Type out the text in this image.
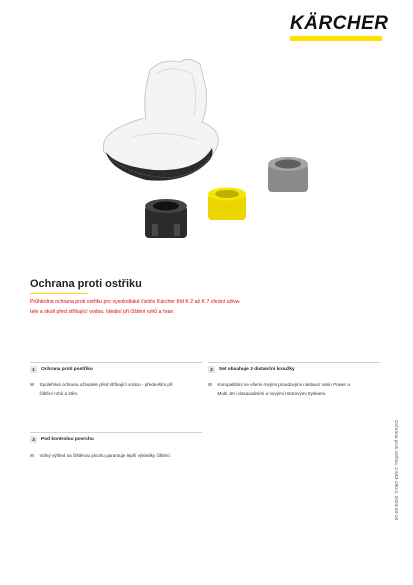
KÄRCHER
Ochrana proti ostřiku
Průhledná ochrana proti ostřiku pro vysokotlaké čističe Kärcher tříd K 2 až K 7 chrání uživa-
tele a okolí před stříkající vodou. Ideální při čištění rohů a hran.
1	Ochrana proti postřiku
Spolehlivá ochrana uživatele před stříkající vodou - především při
čištění rohů a stěn.
2	Set obsahuje 3 distanční kroužky
Kompatibilní se všemi rovými proudovými nástavci Vario Power a
Multi Jet i dosavadními a novými rotorovými tryskami.
3	Pod kontrolou povrchu
Volný výhled na čištěnou plochu garantuje lepší výsledky čištění.	Ochrana proti ostřiku, 2.643-190.0, 2024-03-18
